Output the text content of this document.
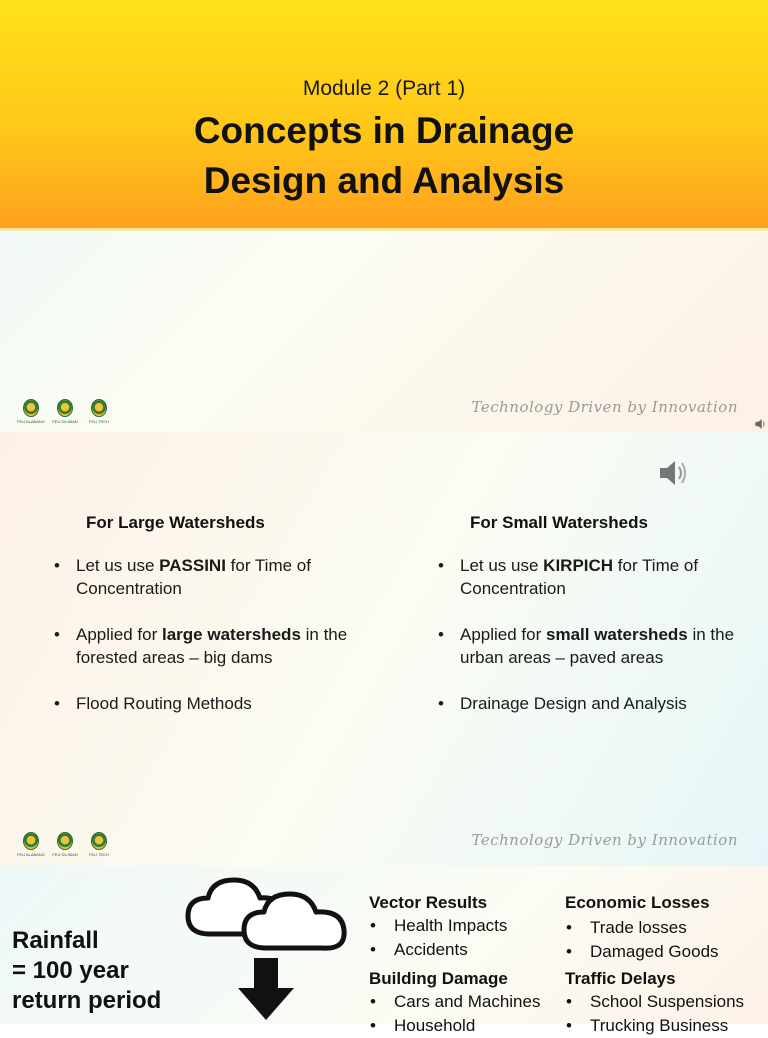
Module 2 (Part 1)
Concepts in Drainage
Design and Analysis
FEU ALABANG FEU DILIMAN	FEU TECH
Technology Driven by Innovation
For Large Watersheds
• Let us use PASSINI for Time of Concentration
• Applied for large watersheds in the forested areas – big dams
• Flood Routing Methods
For Small Watersheds
• Let us use KIRPICH for Time of Concentration
• Applied for small watersheds in the urban areas – paved areas
• Drainage Design and Analysis
FEU ALABANG FEU DILIMAN	FEU TECH
Technology Driven by Innovation
Rainfall
= 100 year
return period
Vector Results
• Health Impacts
• Accidents
Building Damage
• Cars and Machines
• Household
Economic Losses
• Trade losses
• Damaged Goods
Traffic Delays
• School Suspensions
• Trucking Business
